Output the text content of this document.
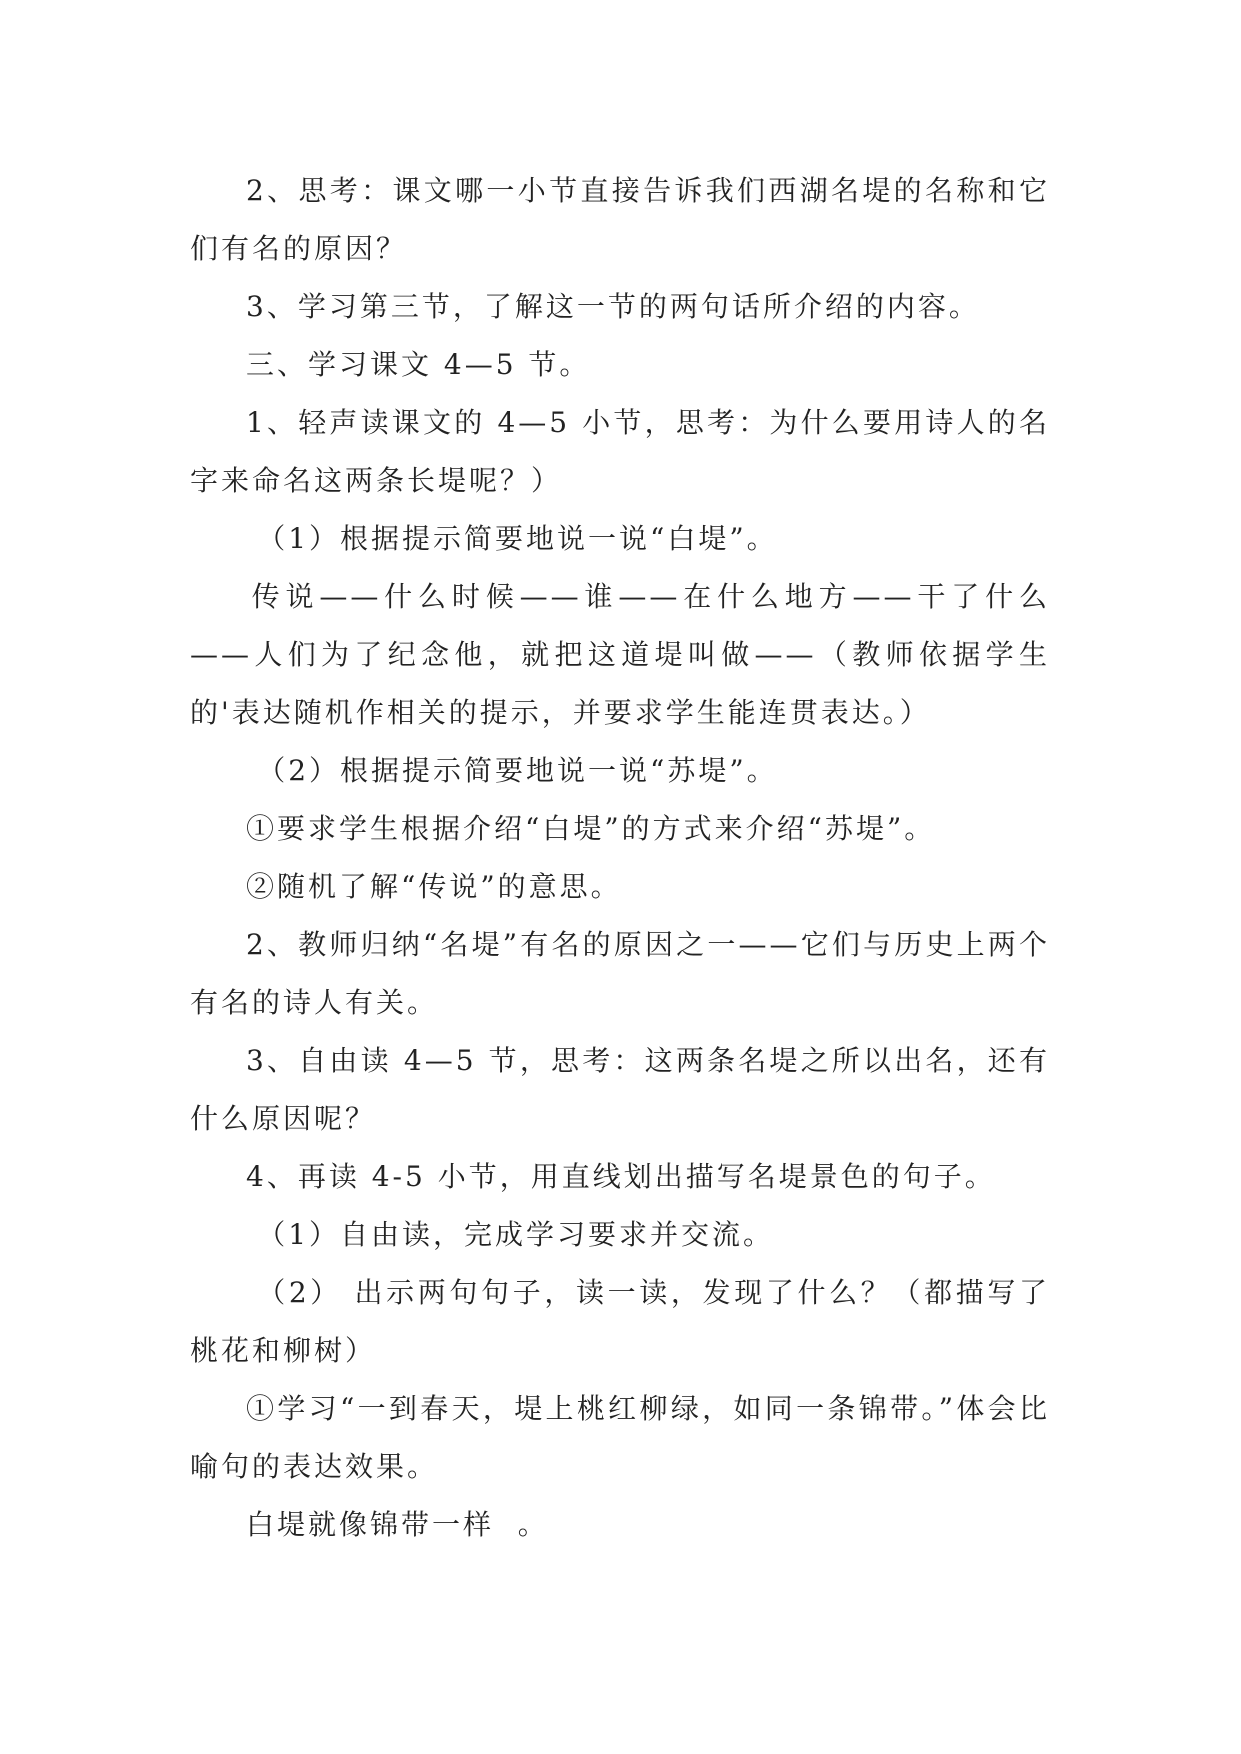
2、思考：课文哪一小节直接告诉我们西湖名堤的名称和它们有名的原因？

3、学习第三节，了解这一节的两句话所介绍的内容。

三、学习课文 4—5 节。

1、轻声读课文的 4—5 小节，思考：为什么要用诗人的名字来命名这两条长堤呢？）

（1）根据提示简要地说一说“白堤”。

传说——什么时候——谁——在什么地方——干了什么——人们为了纪念他，就把这道堤叫做——（教师依据学生的'表达随机作相关的提示，并要求学生能连贯表达。）

（2）根据提示简要地说一说“苏堤”。

①要求学生根据介绍“白堤”的方式来介绍“苏堤”。

②随机了解“传说”的意思。

2、教师归纳“名堤”有名的原因之一——它们与历史上两个有名的诗人有关。

3、自由读 4—5 节，思考：这两条名堤之所以出名，还有什么原因呢？

4、再读 4-5 小节，用直线划出描写名堤景色的句子。

（1）自由读，完成学习要求并交流。

（2） 出示两句句子，读一读，发现了什么？（都描写了桃花和柳树）

①学习“一到春天，堤上桃红柳绿，如同一条锦带。”体会比喻句的表达效果。

白堤就像锦带一样  。
